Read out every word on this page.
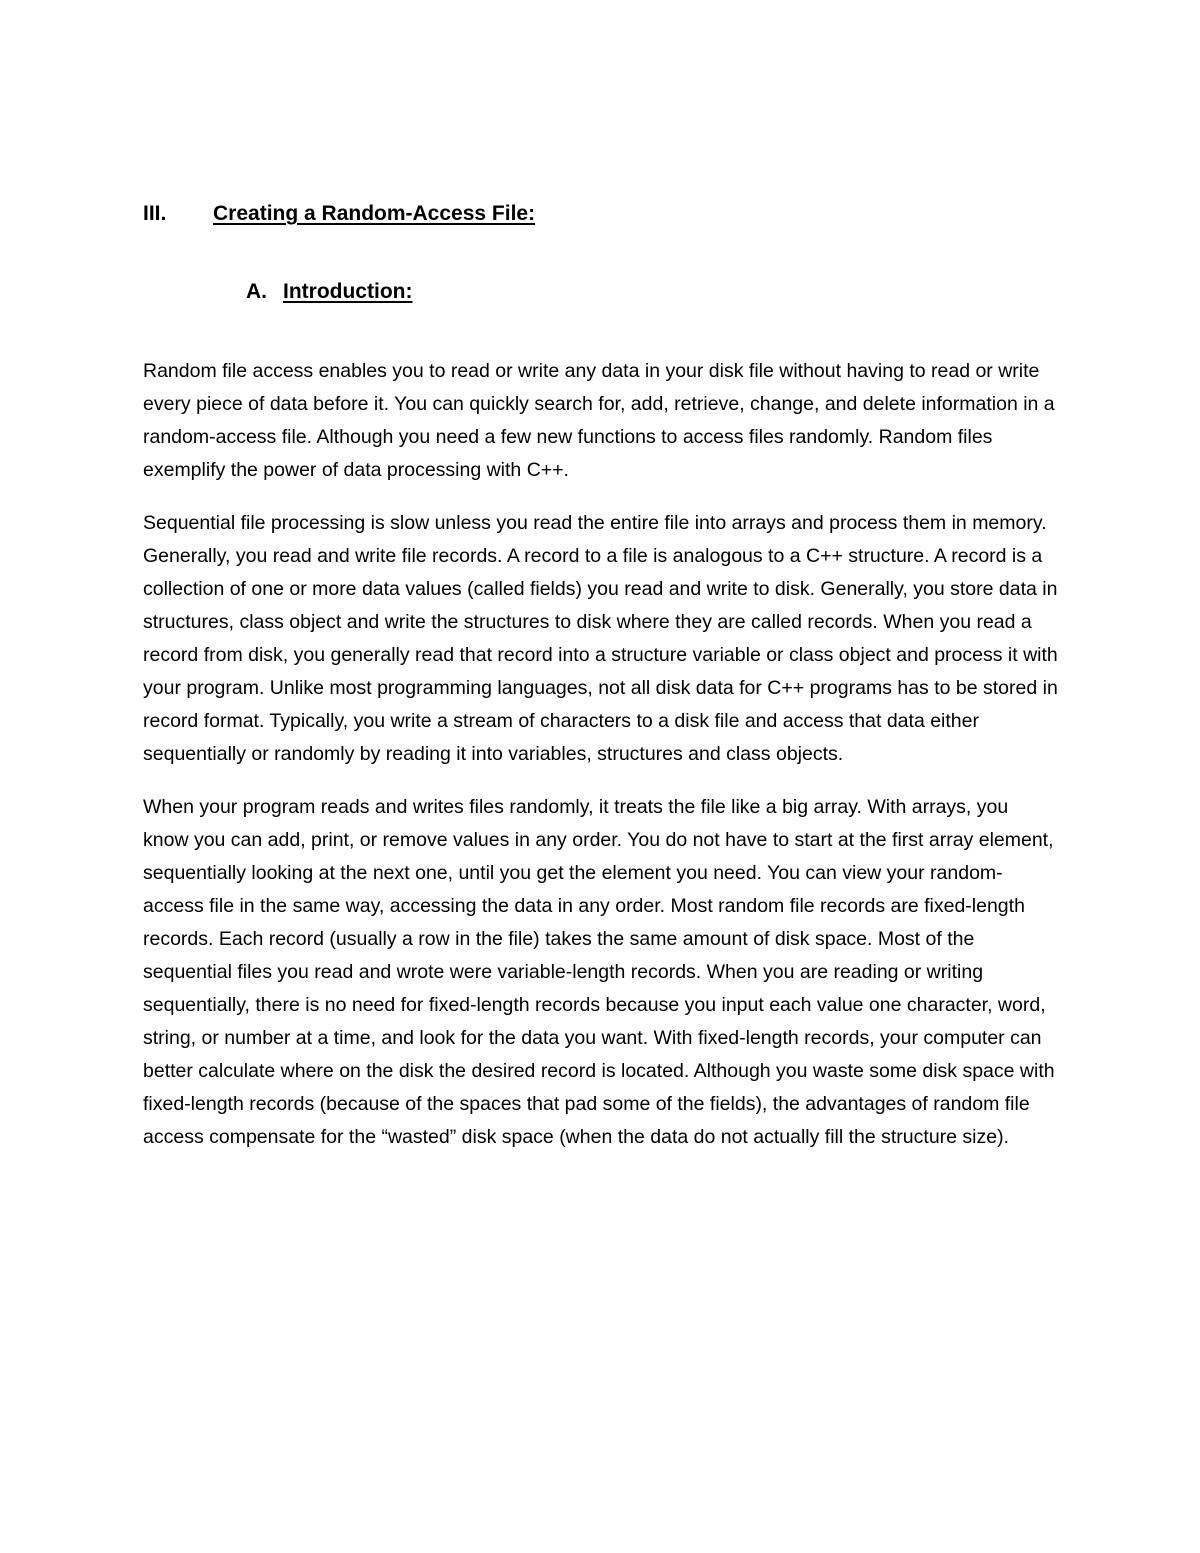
III. Creating a Random-Access File:
A. Introduction:

Random file access enables you to read or write any data in your disk file without having to read or write every piece of data before it. You can quickly search for, add, retrieve, change, and delete information in a random-access file. Although you need a few new functions to access files randomly. Random files exemplify the power of data processing with C++.

Sequential file processing is slow unless you read the entire file into arrays and process them in memory. Generally, you read and write file records. A record to a file is analogous to a C++ structure. A record is a collection of one or more data values (called fields) you read and write to disk. Generally, you store data in structures, class object and write the structures to disk where they are called records. When you read a record from disk, you generally read that record into a structure variable or class object and process it with your program. Unlike most programming languages, not all disk data for C++ programs has to be stored in record format. Typically, you write a stream of characters to a disk file and access that data either sequentially or randomly by reading it into variables, structures and class objects.

When your program reads and writes files randomly, it treats the file like a big array. With arrays, you know you can add, print, or remove values in any order. You do not have to start at the first array element, sequentially looking at the next one, until you get the element you need. You can view your random-access file in the same way, accessing the data in any order. Most random file records are fixed-length records. Each record (usually a row in the file) takes the same amount of disk space. Most of the sequential files you read and wrote were variable-length records. When you are reading or writing sequentially, there is no need for fixed-length records because you input each value one character, word, string, or number at a time, and look for the data you want. With fixed-length records, your computer can better calculate where on the disk the desired record is located. Although you waste some disk space with fixed-length records (because of the spaces that pad some of the fields), the advantages of random file access compensate for the “wasted” disk space (when the data do not actually fill the structure size).
